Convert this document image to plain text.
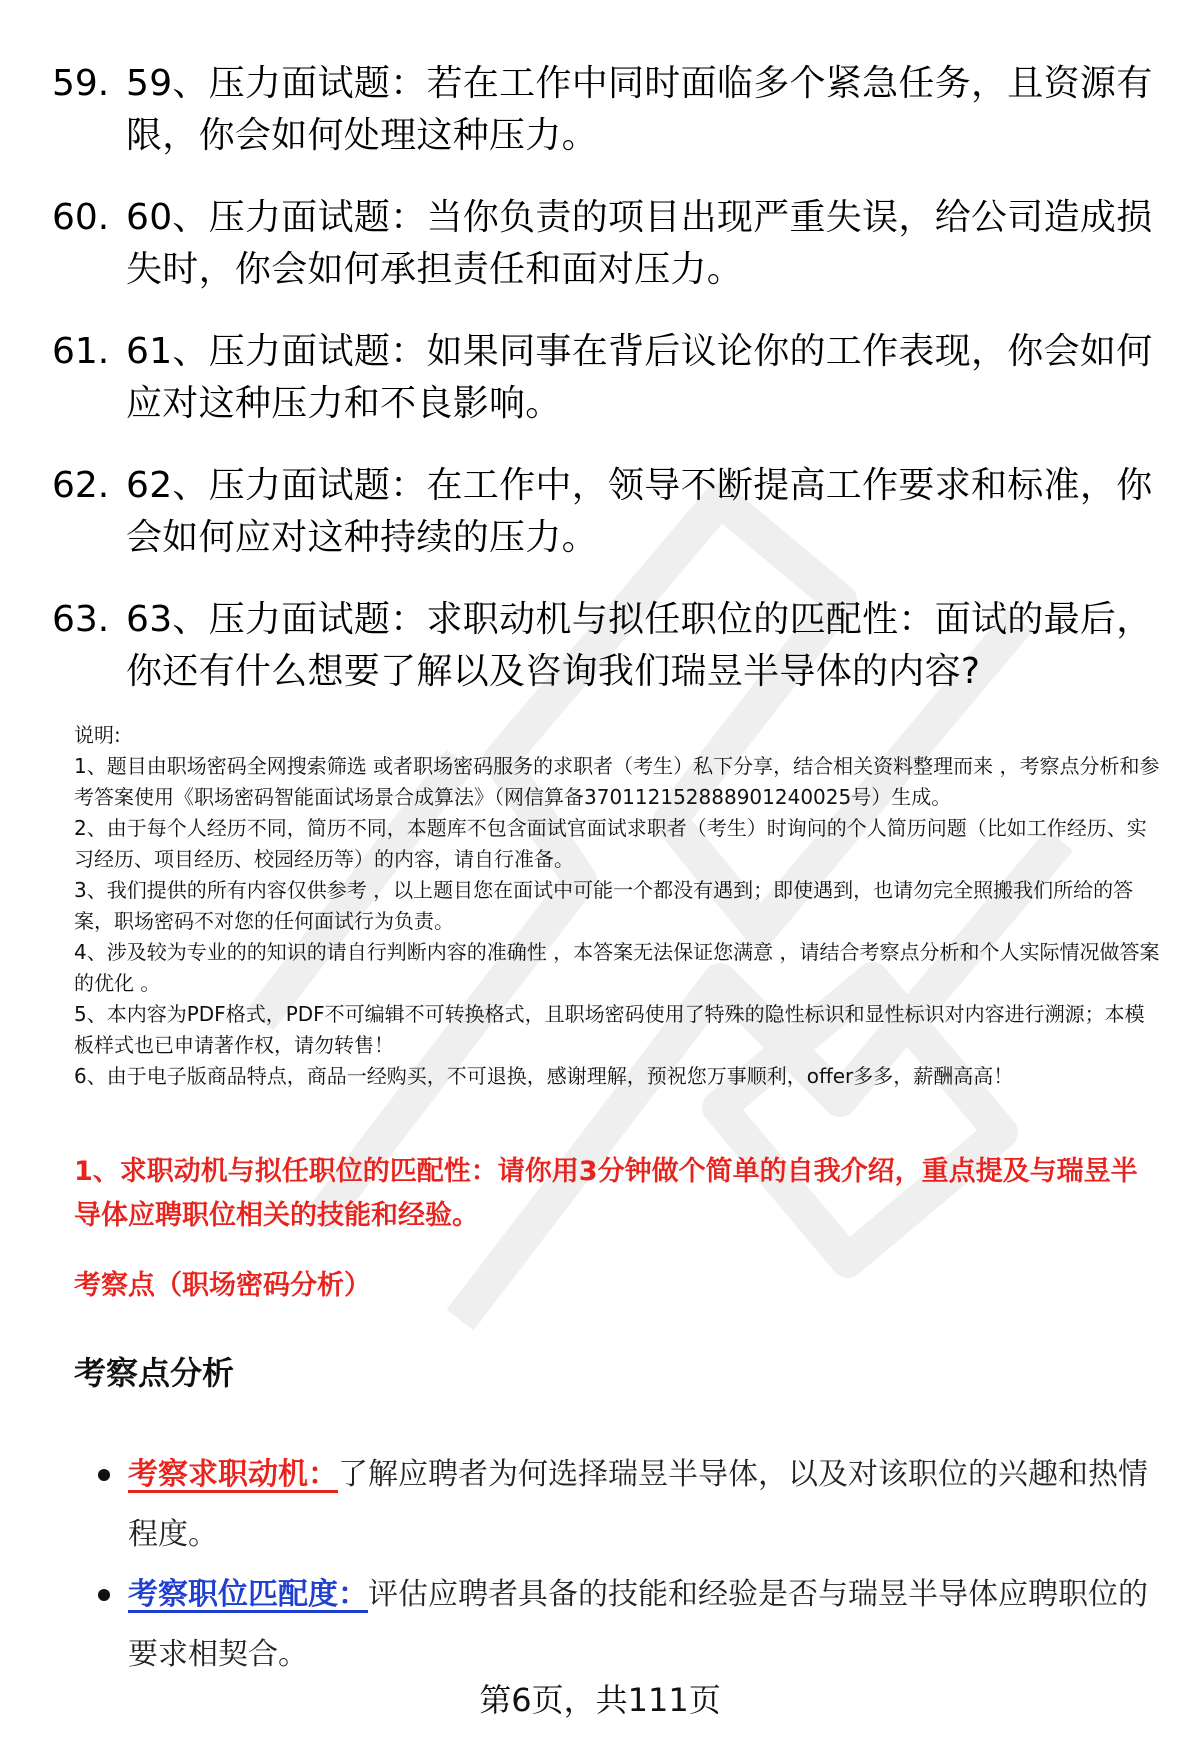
59. 59、压力面试题：若在工作中同时面临多个紧急任务，且资源有限，你会如何处理这种压力。
60. 60、压力面试题：当你负责的项目出现严重失误，给公司造成损失时，你会如何承担责任和面对压力。
61. 61、压力面试题：如果同事在背后议论你的工作表现，你会如何应对这种压力和不良影响。
62. 62、压力面试题：在工作中，领导不断提高工作要求和标准，你会如何应对这种持续的压力。
63. 63、压力面试题：求职动机与拟任职位的匹配性：面试的最后，你还有什么想要了解以及咨询我们瑞昱半导体的内容?

说明:

1、题目由职场密码全网搜索筛选 或者职场密码服务的求职者（考生）私下分享，结合相关资料整理而来 ，考察点分析和参考答案使用《职场密码智能面试场景合成算法》（网信算备370112152888901240025号）生成。

2、由于每个人经历不同，简历不同，本题库不包含面试官面试求职者（考生）时询问的个人简历问题（比如工作经历、实习经历、项目经历、校园经历等）的内容，请自行准备。

3、我们提供的所有内容仅供参考 ，以上题目您在面试中可能一个都没有遇到；即使遇到，也请勿完全照搬我们所给的答案，职场密码不对您的任何面试行为负责。

4、涉及较为专业的的知识的请自行判断内容的准确性 ，本答案无法保证您满意 ，请结合考察点分析和个人实际情况做答案的优化 。

5、本内容为PDF格式，PDF不可编辑不可转换格式，且职场密码使用了特殊的隐性标识和显性标识对内容进行溯源；本模板样式也已申请著作权，请勿转售！

6、由于电子版商品特点，商品一经购买，不可退换，感谢理解，预祝您万事顺利，offer多多，薪酬高高！

1、求职动机与拟任职位的匹配性：请你用3分钟做个简单的自我介绍，重点提及与瑞昱半导体应聘职位相关的技能和经验。
考察点（职场密码分析）
考察点分析
考察求职动机：了解应聘者为何选择瑞昱半导体，以及对该职位的兴趣和热情程度。
考察职位匹配度：评估应聘者具备的技能和经验是否与瑞昱半导体应聘职位的要求相契合。
第6页，共111页
